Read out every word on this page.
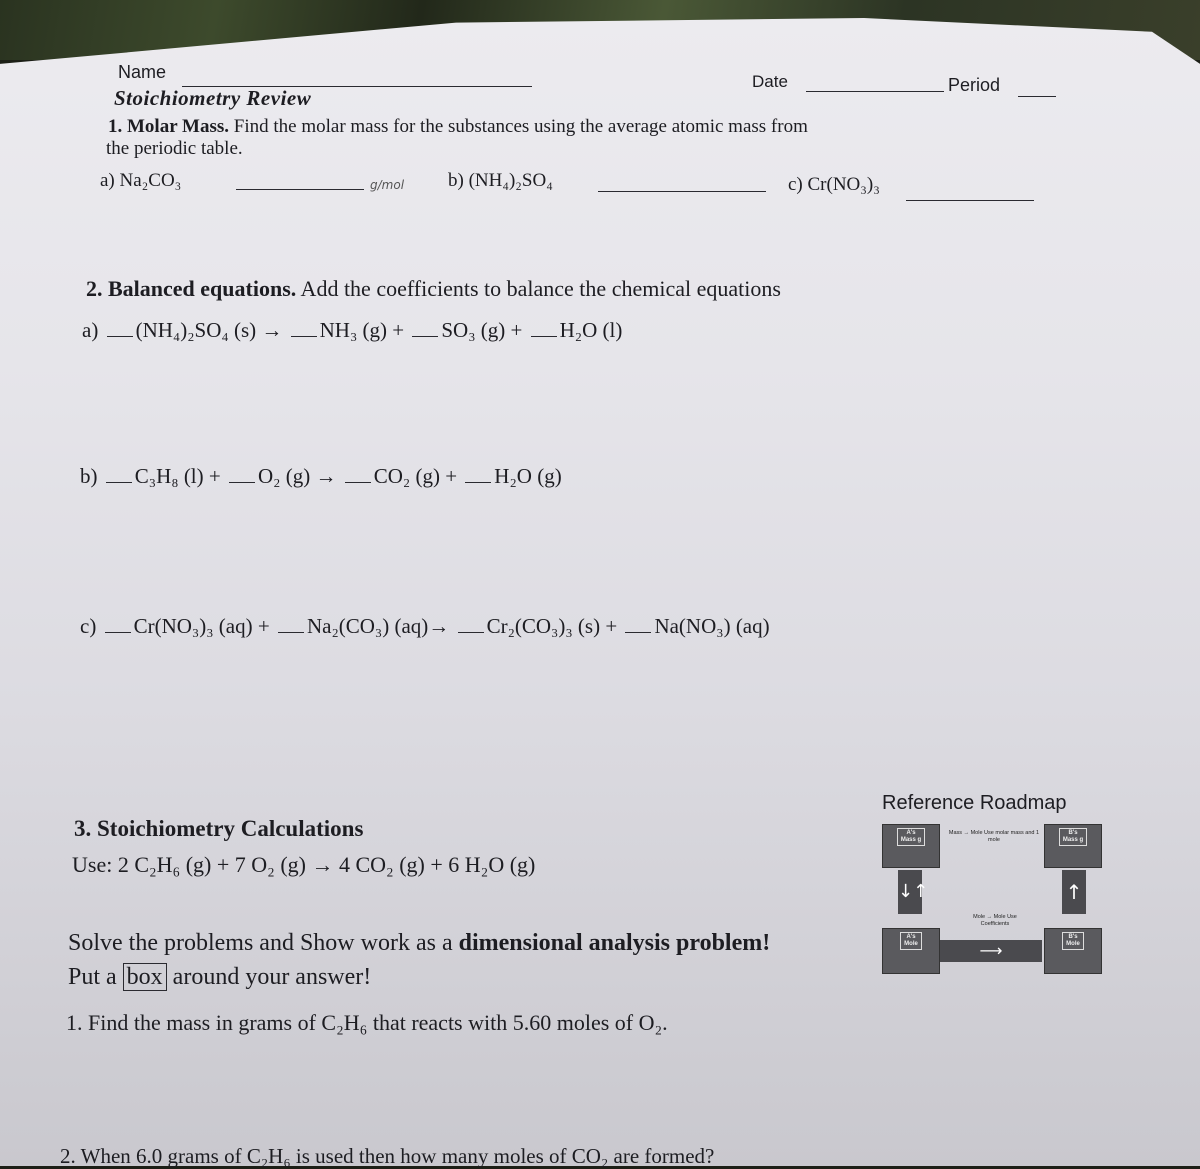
Name	Date	Period
Stoichiometry Review
1. Molar Mass. Find the molar mass for the substances using the average atomic mass from
the periodic table.
a) Na₂CO₃	g/mol b) (NH₄)₂SO₄	c) Cr(NO₃)₃
2. Balanced equations. Add the coefficients to balance the chemical equations
a) (NH₄)₂SO₄ (s) → NH₃ (g) + SO₃ (g) + H₂O (l)
b) C₃H₈ (l) + O₂ (g) → CO₂ (g) + H₂O (g)
c) Cr(NO₃)₃ (aq) + Na₂(CO₃) (aq)→ Cr₂(CO₃)₃ (s) + Na(NO₃) (aq)
3. Stoichiometry Calculations
Use: 2 C₂H₆ (g) + 7 O₂ (g) → 4 CO₂ (g) + 6 H₂O (g)
Solve the problems and Show work as a dimensional analysis problem!
Put a box around your answer!
1. Find the mass in grams of C₂H₆ that reacts with 5.60 moles of O₂.
2. When 6.0 grams of C₂H₆ is used then how many moles of CO₂ are formed?
Reference Roadmap
A's
Mass g
Mass → Mole Use molar mass and 1 mole
B's
Mass g
↓↑	↑
Mole → Mole Use Coefficients
A's
Mole	⟶
B's
Mole
